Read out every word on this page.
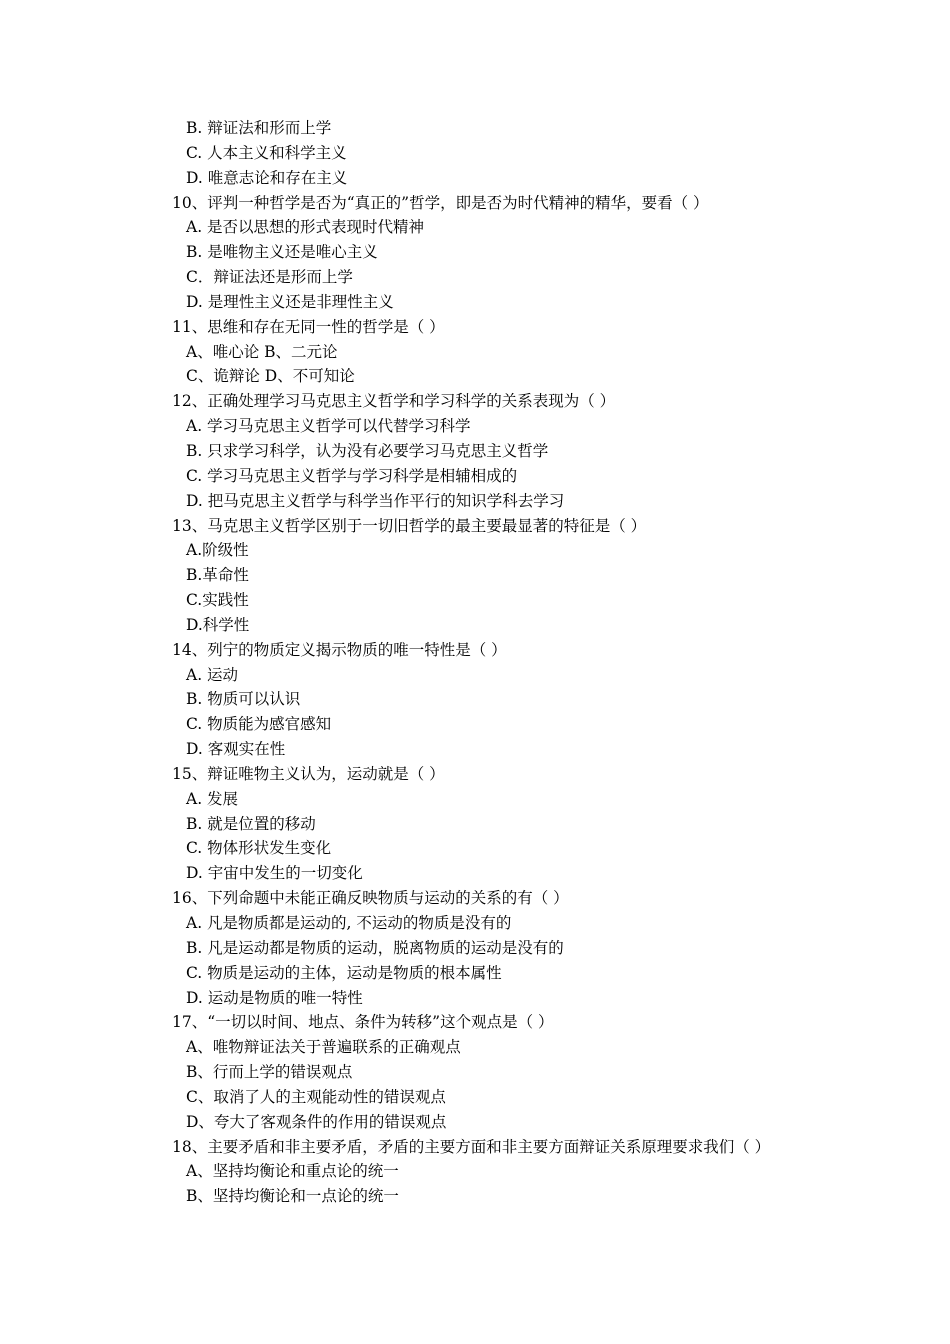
B. 辩证法和形而上学
C. 人本主义和科学主义
D. 唯意志论和存在主义
10、评判一种哲学是否为“真正的”哲学，即是否为时代精神的精华，要看（ ）
A. 是否以思想的形式表现时代精神
B. 是唯物主义还是唯心主义
C．辩证法还是形而上学
D. 是理性主义还是非理性主义
11、思维和存在无同一性的哲学是（ ）
A、唯心论 B、二元论
C、诡辩论 D、不可知论
12、正确处理学习马克思主义哲学和学习科学的关系表现为（ ）
A. 学习马克思主义哲学可以代替学习科学
B. 只求学习科学，认为没有必要学习马克思主义哲学
C. 学习马克思主义哲学与学习科学是相辅相成的
D. 把马克思主义哲学与科学当作平行的知识学科去学习
13、马克思主义哲学区别于一切旧哲学的最主要最显著的特征是（ ）
A.阶级性
B.革命性
C.实践性
D.科学性
14、列宁的物质定义揭示物质的唯一特性是（ ）
A. 运动
B. 物质可以认识
C. 物质能为感官感知
D. 客观实在性
15、辩证唯物主义认为，运动就是（ ）
A. 发展
B. 就是位置的移动
C. 物体形状发生变化
D. 宇宙中发生的一切变化
16、下列命题中未能正确反映物质与运动的关系的有（ ）
A. 凡是物质都是运动的, 不运动的物质是没有的
B. 凡是运动都是物质的运动，脱离物质的运动是没有的
C. 物质是运动的主体，运动是物质的根本属性
D. 运动是物质的唯一特性
17、“一切以时间、地点、条件为转移”这个观点是（ ）
A、唯物辩证法关于普遍联系的正确观点
B、行而上学的错误观点
C、取消了人的主观能动性的错误观点
D、夸大了客观条件的作用的错误观点
18、主要矛盾和非主要矛盾，矛盾的主要方面和非主要方面辩证关系原理要求我们（ ）
A、坚持均衡论和重点论的统一
B、坚持均衡论和一点论的统一
